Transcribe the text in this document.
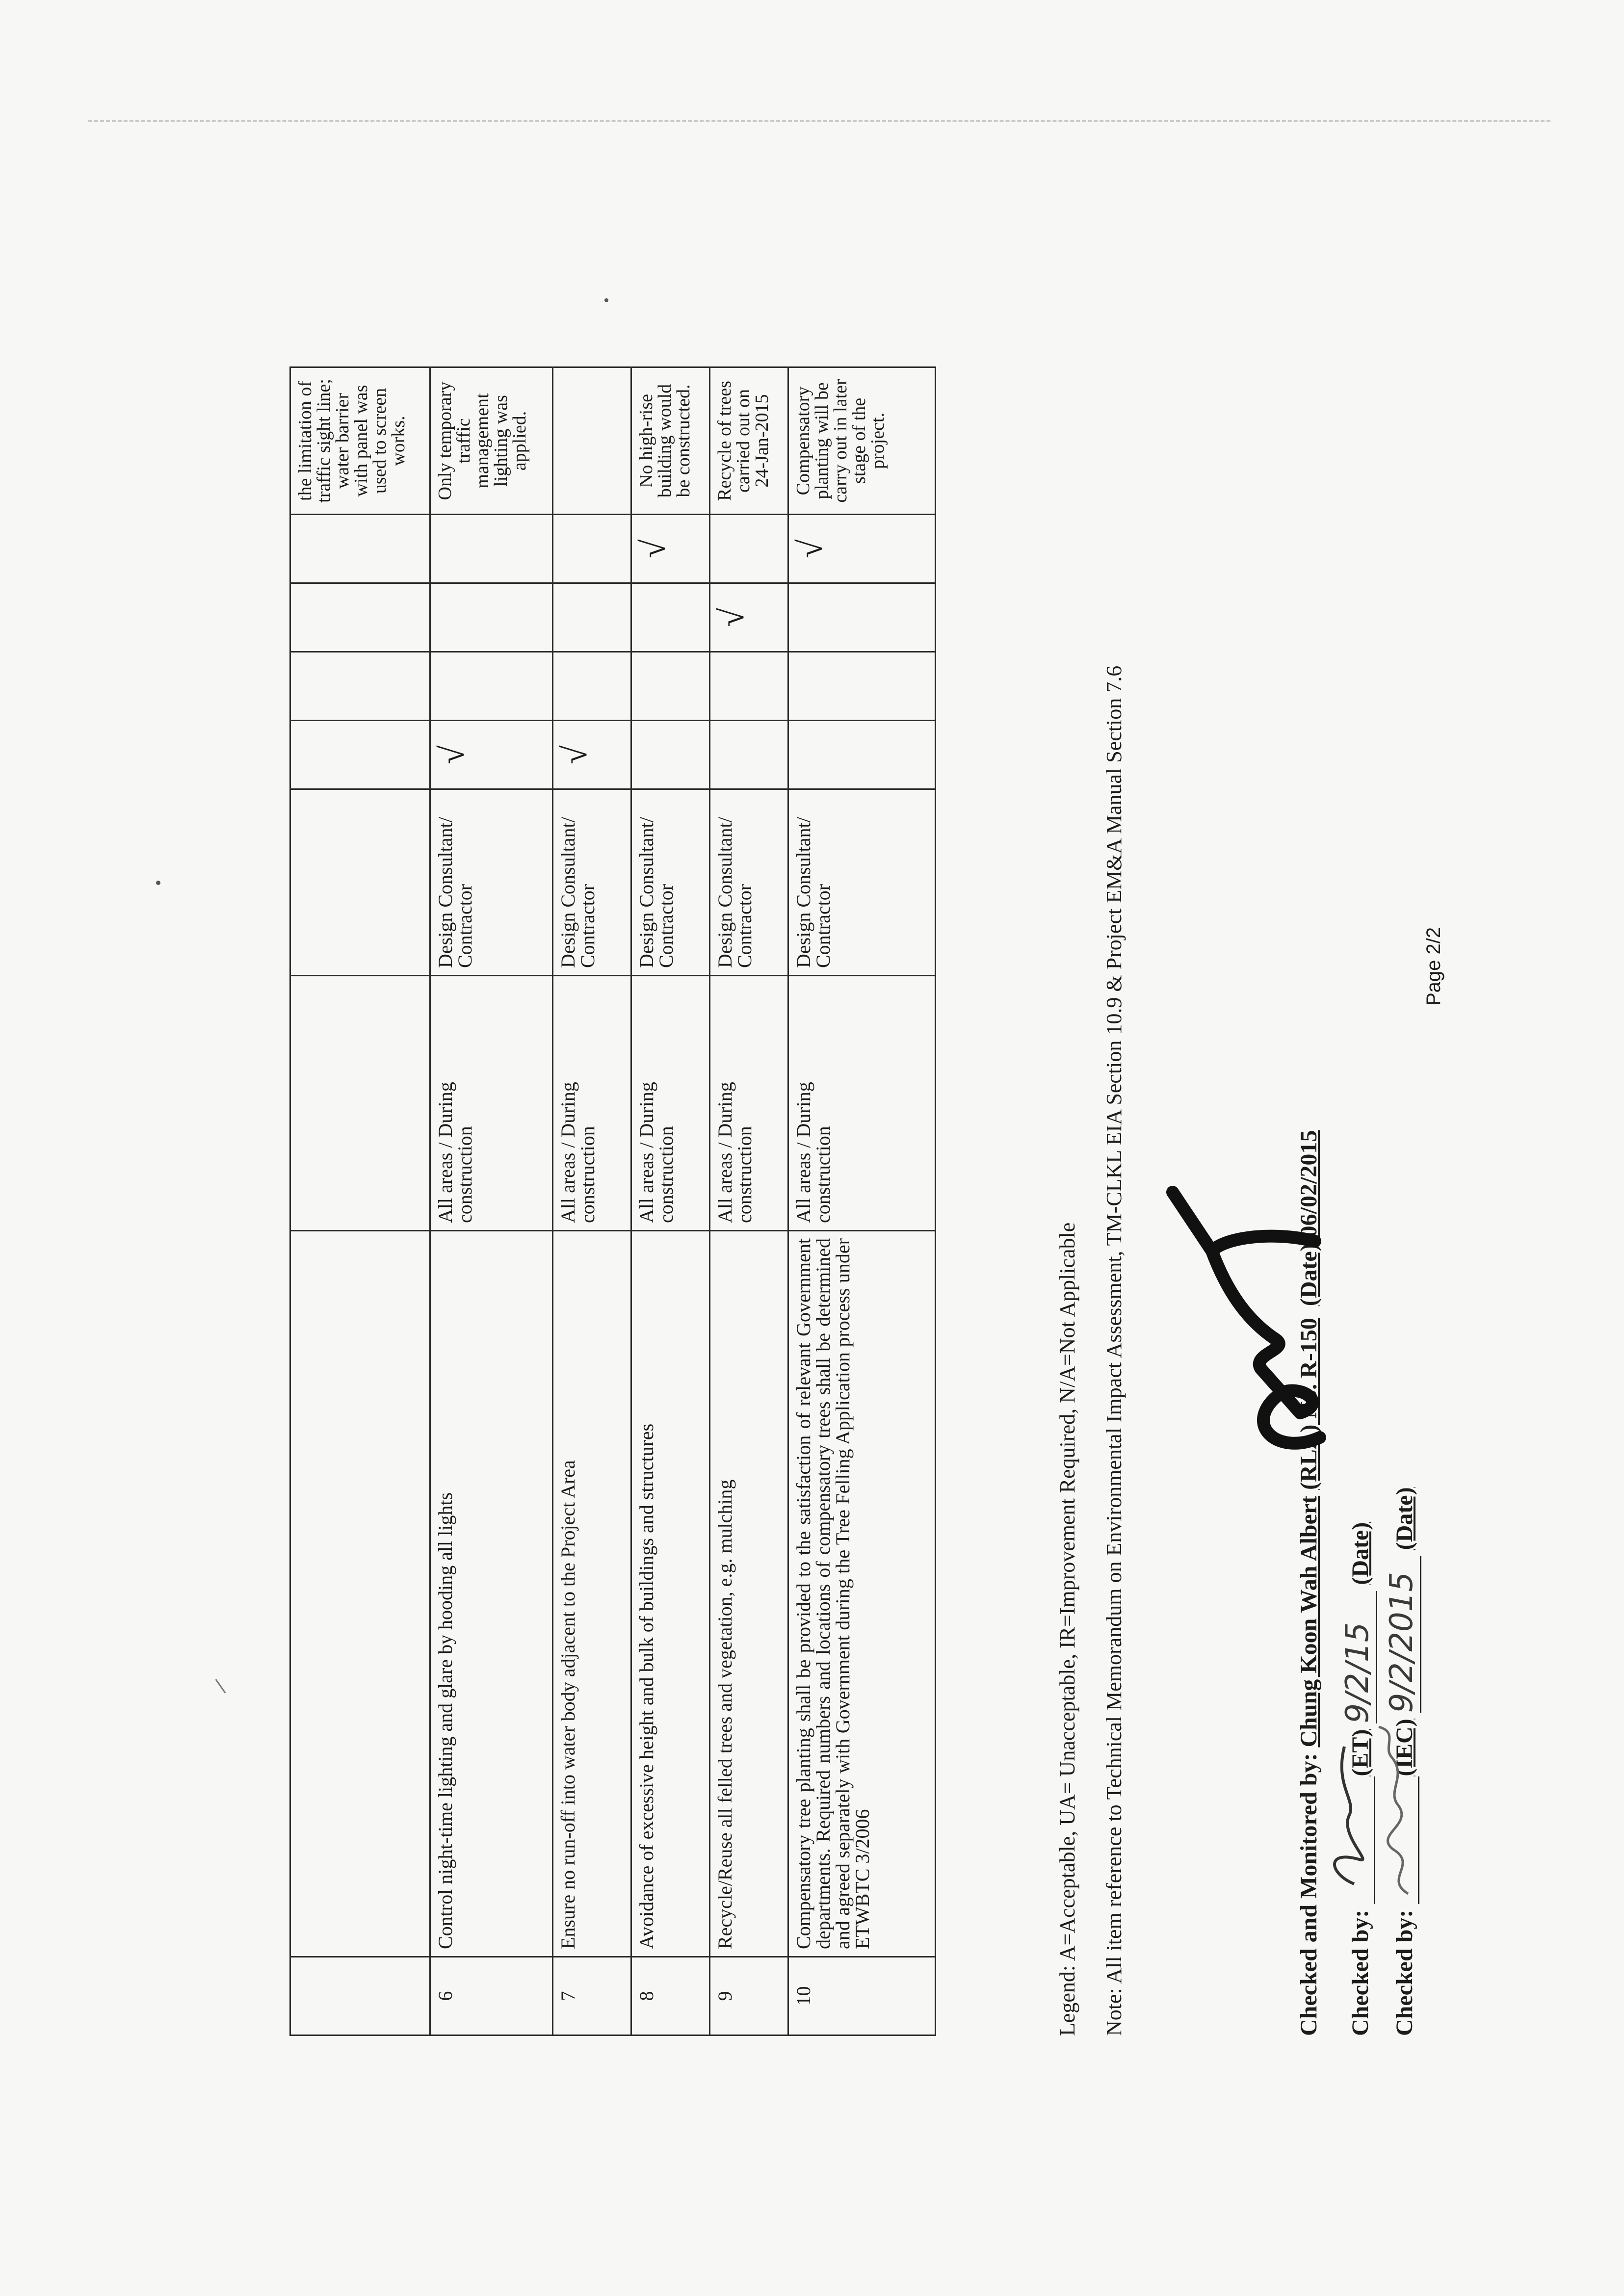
								the limitation of traffic sight line; water barrier with panel was used to screen works.
6	Control night-time lighting and glare by hooding all lights	All areas / During construction	Design Consultant/ Contractor	√				Only temporary traffic management lighting was applied.
7	Ensure no run-off into water body adjacent to the Project Area	All areas / During construction	Design Consultant/ Contractor	√				
8	Avoidance of excessive height and bulk of buildings and structures	All areas / During construction	Design Consultant/ Contractor				√	No high-rise building would be constructed.
9	Recycle/Reuse all felled trees and vegetation, e.g. mulching	All areas / During construction	Design Consultant/ Contractor			√		Recycle of trees carried out on 24-Jan-2015
10	Compensatory tree planting shall be provided to the satisfaction of relevant Government departments. Required numbers and locations of compensatory trees shall be determined and agreed separately with Government during the Tree Felling Application process under ETWBTC 3/2006	All areas / During construction	Design Consultant/ Contractor				√	Compensatory planting will be carry out in later stage of the project.
Legend: A=Acceptable, UA= Unacceptable, IR=Improvement Required, N/A=Not Applicable Note: All item reference to Technical Memorandum on Environmental Impact Assessment, TM-CLKL EIA Section 10.9 & Project EM&A Manual Section 7.6	Checked and Monitored by: Chung Koon Wah Albert (RLA) No. R-150  (Date) 06/02/2015
Checked by:  (ET) 9/2/15 (Date)
Checked by:  (IEC) 9/2/2015 (Date)
Page 2/2
